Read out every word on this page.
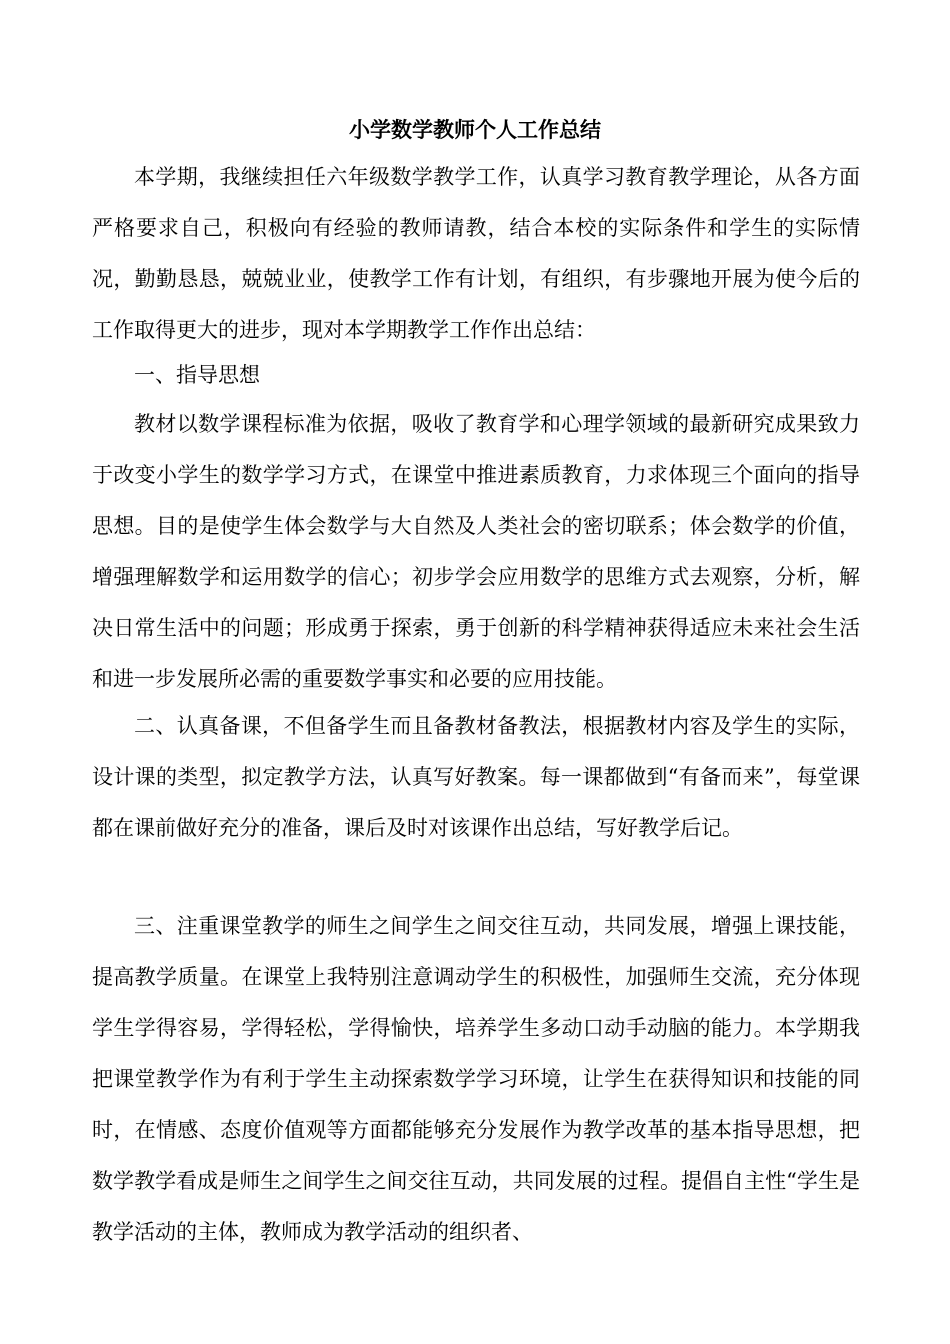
小学数学教师个人工作总结

本学期，我继续担任六年级数学教学工作，认真学习教育教学理论，从各方面严格要求自己，积极向有经验的教师请教，结合本校的实际条件和学生的实际情况，勤勤恳恳，兢兢业业，使教学工作有计划，有组织，有步骤地开展为使今后的工作取得更大的进步，现对本学期教学工作作出总结：

一、指导思想

教材以数学课程标准为依据，吸收了教育学和心理学领域的最新研究成果致力于改变小学生的数学学习方式，在课堂中推进素质教育，力求体现三个面向的指导思想。目的是使学生体会数学与大自然及人类社会的密切联系；体会数学的价值，增强理解数学和运用数学的信心；初步学会应用数学的思维方式去观察，分析，解决日常生活中的问题；形成勇于探索，勇于创新的科学精神获得适应未来社会生活和进一步发展所必需的重要数学事实和必要的应用技能。

二、认真备课，不但备学生而且备教材备教法，根据教材内容及学生的实际，设计课的类型，拟定教学方法，认真写好教案。每一课都做到“有备而来”，每堂课都在课前做好充分的准备，课后及时对该课作出总结，写好教学后记。

三、注重课堂教学的师生之间学生之间交往互动，共同发展，增强上课技能，提高教学质量。在课堂上我特别注意调动学生的积极性，加强师生交流，充分体现学生学得容易，学得轻松，学得愉快，培养学生多动口动手动脑的能力。本学期我把课堂教学作为有利于学生主动探索数学学习环境，让学生在获得知识和技能的同时，在情感、态度价值观等方面都能够充分发展作为教学改革的基本指导思想，把数学教学看成是师生之间学生之间交往互动，共同发展的过程。提倡自主性“学生是教学活动的主体，教师成为教学活动的组织者、
